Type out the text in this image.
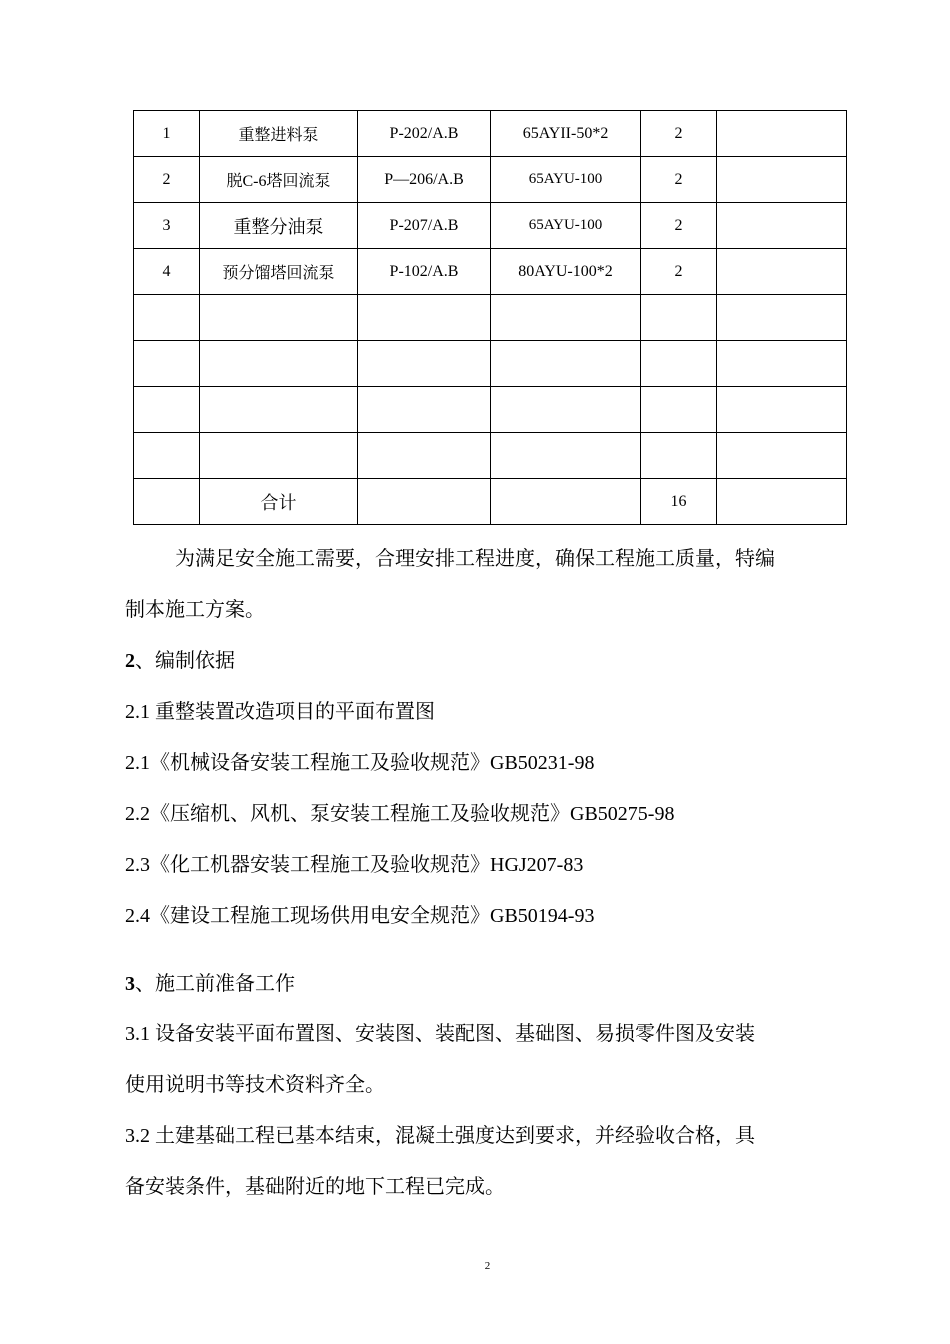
1	重整进料泵	P-202/A.B	65AYII-50*2	2	
2	脱C-6塔回流泵	P—206/A.B	65AYU-100	2	
3	重整分油泵	P-207/A.B	65AYU-100	2	
4	预分馏塔回流泵	P-102/A.B	80AYU-100*2	2	

	合计			16	

为满足安全施工需要，合理安排工程进度，确保工程施工质量，特编

制本施工方案。

2、编制依据

2.1 重整装置改造项目的平面布置图

2.1《机械设备安装工程施工及验收规范》GB50231-98

2.2《压缩机、风机、泵安装工程施工及验收规范》GB50275-98

2.3《化工机器安装工程施工及验收规范》HGJ207-83

2.4《建设工程施工现场供用电安全规范》GB50194-93

3、施工前准备工作

3.1 设备安装平面布置图、安装图、装配图、基础图、易损零件图及安装

使用说明书等技术资料齐全。

3.2 土建基础工程已基本结束，混凝土强度达到要求，并经验收合格，具

备安装条件，基础附近的地下工程已完成。

2
